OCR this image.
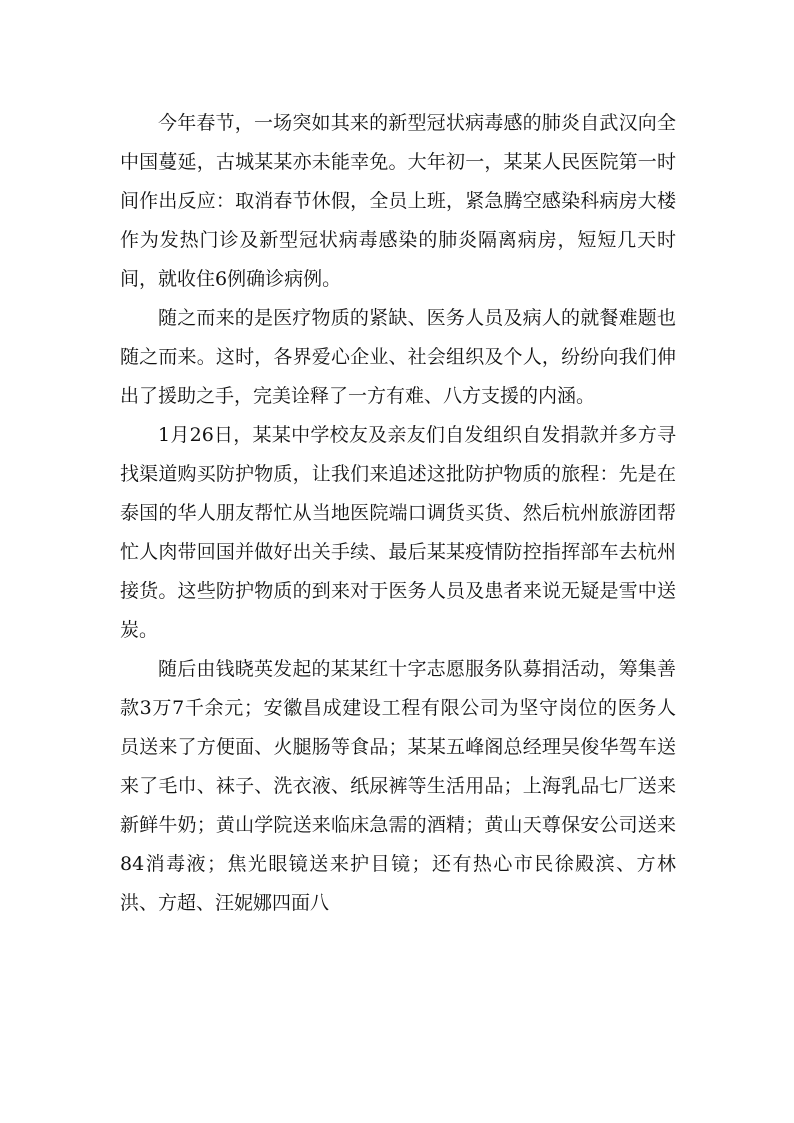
今年春节，一场突如其来的新型冠状病毒感的肺炎自武汉向全中国蔓延，古城某某亦未能幸免。大年初一，某某人民医院第一时间作出反应：取消春节休假，全员上班，紧急腾空感染科病房大楼作为发热门诊及新型冠状病毒感染的肺炎隔离病房，短短几天时间，就收住6例确诊病例。

随之而来的是医疗物质的紧缺、医务人员及病人的就餐难题也随之而来。这时，各界爱心企业、社会组织及个人，纷纷向我们伸出了援助之手，完美诠释了一方有难、八方支援的内涵。

1月26日，某某中学校友及亲友们自发组织自发捐款并多方寻找渠道购买防护物质，让我们来追述这批防护物质的旅程：先是在泰国的华人朋友帮忙从当地医院端口调货买货、然后杭州旅游团帮忙人肉带回国并做好出关手续、最后某某疫情防控指挥部车去杭州接货。这些防护物质的到来对于医务人员及患者来说无疑是雪中送炭。

随后由钱晓英发起的某某红十字志愿服务队募捐活动，筹集善款3万7千余元；安徽昌成建设工程有限公司为坚守岗位的医务人员送来了方便面、火腿肠等食品；某某五峰阁总经理吴俊华驾车送来了毛巾、袜子、洗衣液、纸尿裤等生活用品；上海乳品七厂送来新鲜牛奶；黄山学院送来临床急需的酒精；黄山天尊保安公司送来84消毒液；焦光眼镜送来护目镜；还有热心市民徐殿滨、方林洪、方超、汪妮娜四面八
